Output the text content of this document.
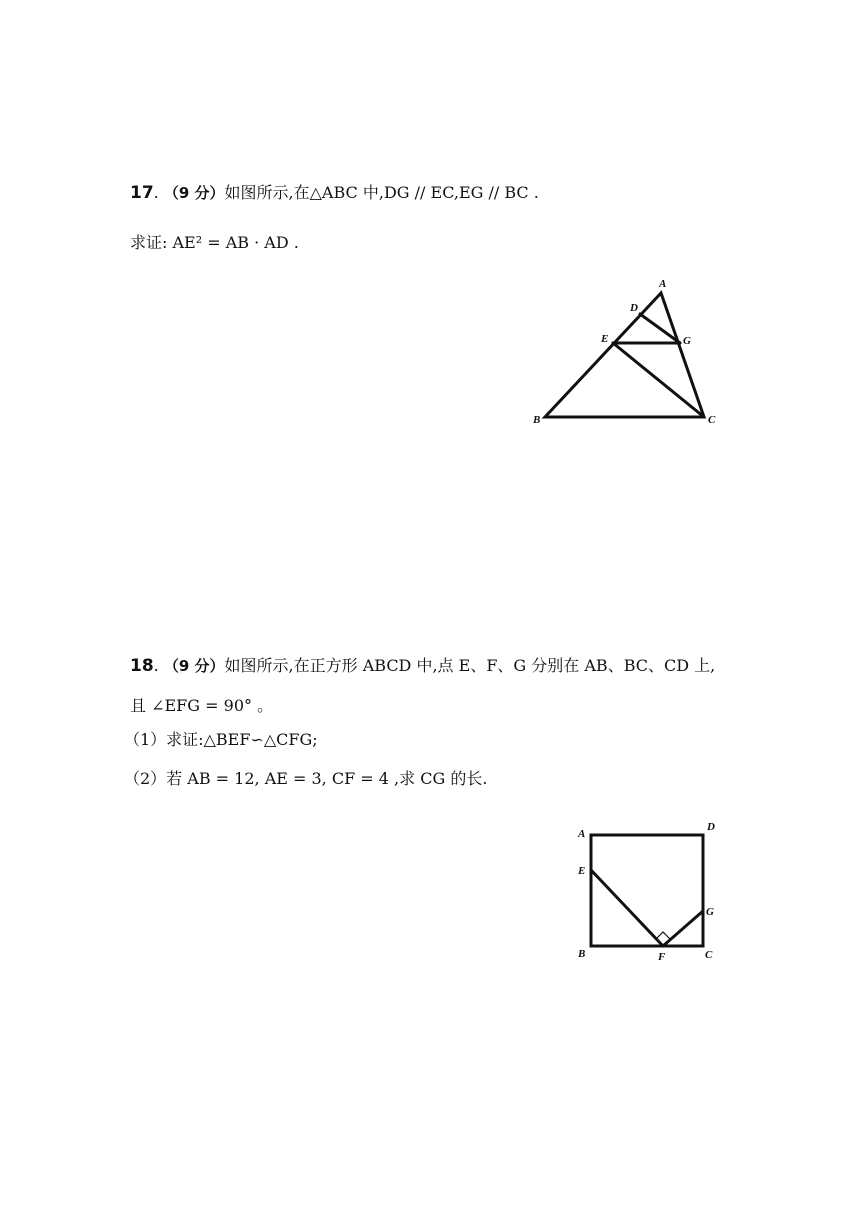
17. （9 分）如图所示,在△ABC 中,DG // EC,EG // BC .
求证: AE² = AB · AD .
A
D
E	G
B	C
18. （9 分）如图所示,在正方形 ABCD 中,点 E、F、G 分别在 AB、BC、CD 上,
且 ∠EFG = 90° 。
（1）求证:△BEF∽△CFG;
（2）若 AB = 12, AE = 3, CF = 4 ,求 CG 的长.
A
D
E
G
B	F	C
